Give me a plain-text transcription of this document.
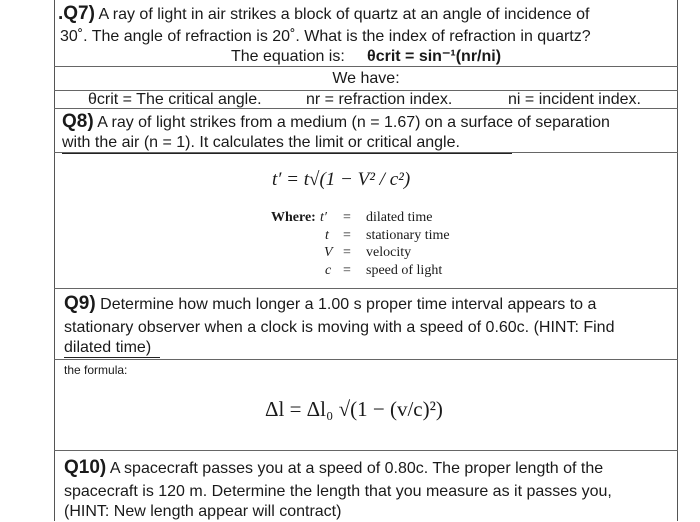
.Q7) A ray of light in air strikes a block of quartz at an angle of incidence of
30˚. The angle of refraction is 20˚. What is the index of refraction in quartz?
The equation is: θcrit = sin⁻¹(nr/ni)
We have:
θcrit = The critical angle.	nr = refraction index.	ni = incident index.
Q8) A ray of light strikes from a medium (n = 1.67) on a surface of separation
with the air (n = 1). It calculates the limit or critical angle.
t′ = t√(1 − V² / c²)
Where: t′ = dilated time
t = stationary time
V = velocity
c = speed of light
Q9) Determine how much longer a 1.00 s proper time interval appears to a
stationary observer when a clock is moving with a speed of 0.60c. (HINT: Find
dilated time)
the formula:
Δl = Δl₀ √(1 − (v/c)²)
Q10) A spacecraft passes you at a speed of 0.80c. The proper length of the
spacecraft is 120 m. Determine the length that you measure as it passes you,
(HINT: New length appear will contract)
